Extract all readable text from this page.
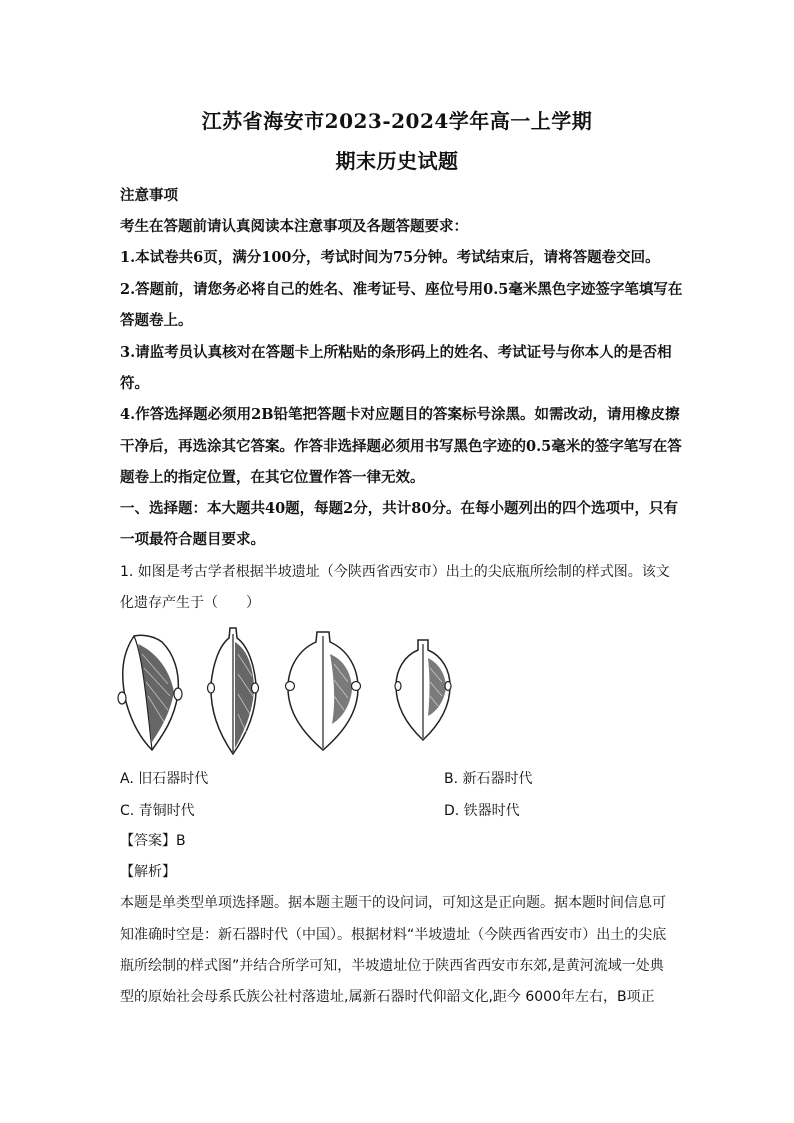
江苏省海安市2023-2024学年高一上学期
期末历史试题
注意事项
考生在答题前请认真阅读本注意事项及各题答题要求：
1.本试卷共6页，满分100分，考试时间为75分钟。考试结束后，请将答题卷交回。
2.答题前，请您务必将自己的姓名、准考证号、座位号用0.5毫米黑色字迹签字笔填写在
答题卷上。
3.请监考员认真核对在答题卡上所粘贴的条形码上的姓名、考试证号与你本人的是否相
符。
4.作答选择题必须用2B铅笔把答题卡对应题目的答案标号涂黑。如需改动，请用橡皮擦
干净后，再选涂其它答案。作答非选择题必须用书写黑色字迹的0.5毫米的签字笔写在答
题卷上的指定位置，在其它位置作答一律无效。
一、选择题：本大题共40题，每题2分，共计80分。在每小题列出的四个选项中，只有
一项最符合题目要求。
1. 如图是考古学者根据半坡遗址（今陕西省西安市）出土的尖底瓶所绘制的样式图。该文
化遗存产生于（　　）
A. 旧石器时代	B. 新石器时代
C. 青铜时代	D. 铁器时代
【答案】B
【解析】
本题是单类型单项选择题。据本题主题干的设问词，可知这是正向题。据本题时间信息可
知准确时空是：新石器时代（中国）。根据材料“半坡遗址（今陕西省西安市）出土的尖底
瓶所绘制的样式图”并结合所学可知，半坡遗址位于陕西省西安市东郊,是黄河流域一处典
型的原始社会母系氏族公社村落遗址,属新石器时代仰韶文化,距今 6000年左右，B项正
